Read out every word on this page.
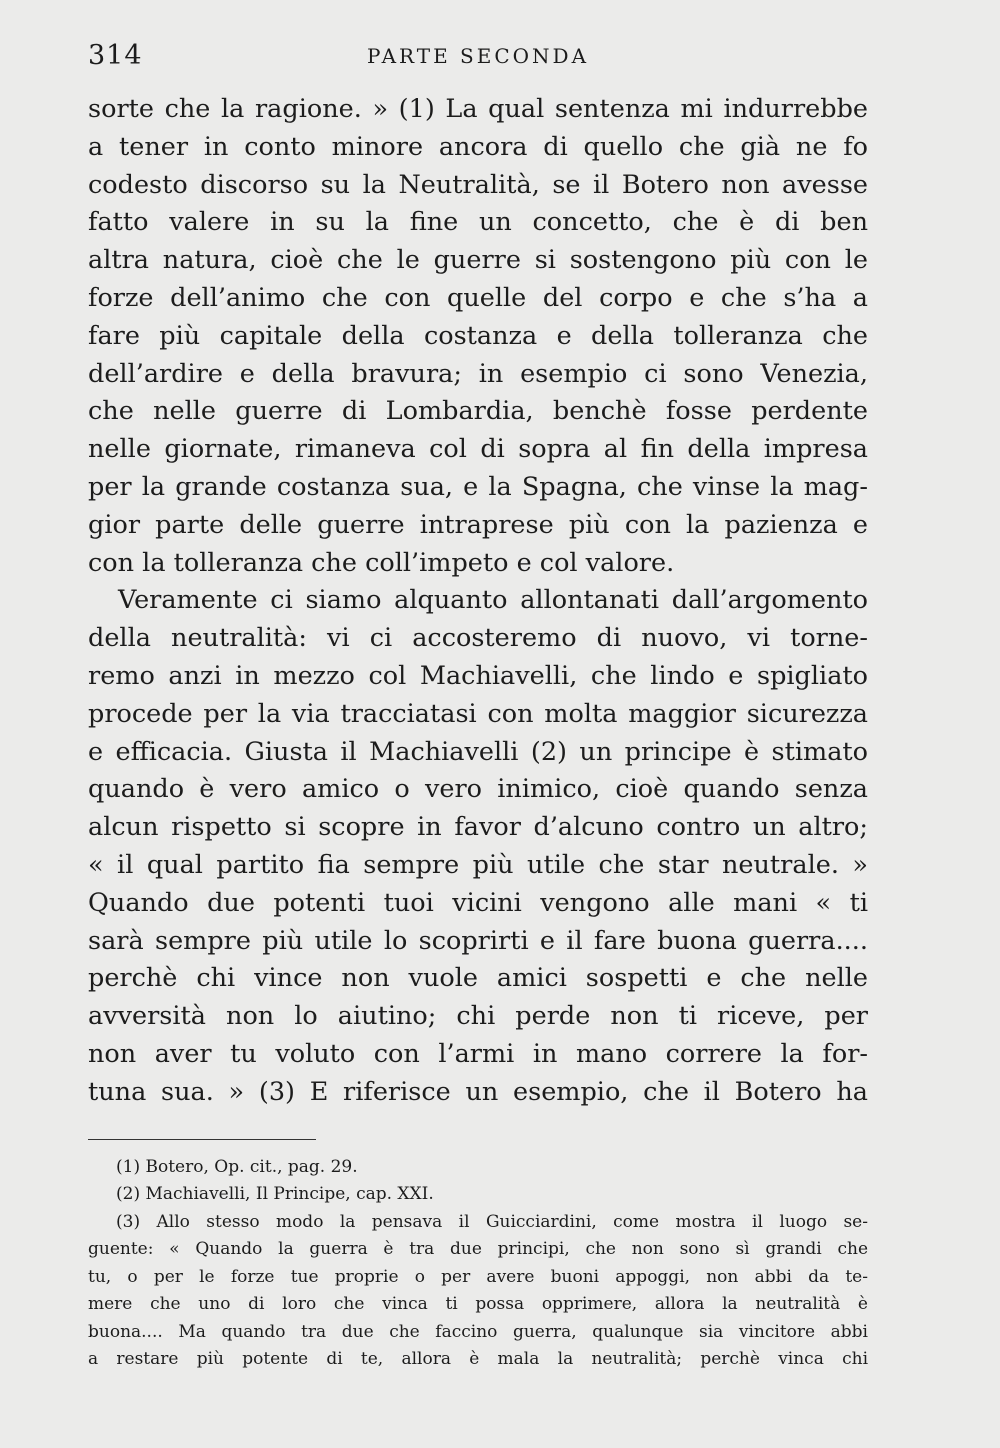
314	PARTE SECONDA
sorte che la ragione. » (1) La qual sentenza mi indurrebbe
a tener in conto minore ancora di quello che già ne fo
codesto discorso su la Neutralità, se il Botero non avesse
fatto valere in su la fine un concetto, che è di ben
altra natura, cioè che le guerre si sostengono più con le
forze dell’animo che con quelle del corpo e che s’ha a
fare più capitale della costanza e della tolleranza che
dell’ardire e della bravura; in esempio ci sono Venezia,
che nelle guerre di Lombardia, benchè fosse perdente
nelle giornate, rimaneva col di sopra al fin della impresa
per la grande costanza sua, e la Spagna, che vinse la mag-
gior parte delle guerre intraprese più con la pazienza e
con la tolleranza che coll’impeto e col valore.
Veramente ci siamo alquanto allontanati dall’argomento
della neutralità: vi ci accosteremo di nuovo, vi torne-
remo anzi in mezzo col Machiavelli, che lindo e spigliato
procede per la via tracciatasi con molta maggior sicurezza
e efficacia. Giusta il Machiavelli (2) un principe è stimato
quando è vero amico o vero inimico, cioè quando senza
alcun rispetto si scopre in favor d’alcuno contro un altro;
« il qual partito fia sempre più utile che star neutrale. »
Quando due potenti tuoi vicini vengono alle mani « ti
sarà sempre più utile lo scoprirti e il fare buona guerra....
perchè chi vince non vuole amici sospetti e che nelle
avversità non lo aiutino; chi perde non ti riceve, per
non aver tu voluto con l’armi in mano correre la for-
tuna sua. » (3) E riferisce un esempio, che il Botero ha
(1) Botero, Op. cit., pag. 29.
(2) Machiavelli, Il Principe, cap. XXI.
(3) Allo stesso modo la pensava il Guicciardini, come mostra il luogo se-
guente: « Quando la guerra è tra due principi, che non sono sì grandi che
tu, o per le forze tue proprie o per avere buoni appoggi, non abbi da te-
mere che uno di loro che vinca ti possa opprimere, allora la neutralità è
buona.... Ma quando tra due che faccino guerra, qualunque sia vincitore abbi
a restare più potente di te, allora è mala la neutralità; perchè vinca chi
